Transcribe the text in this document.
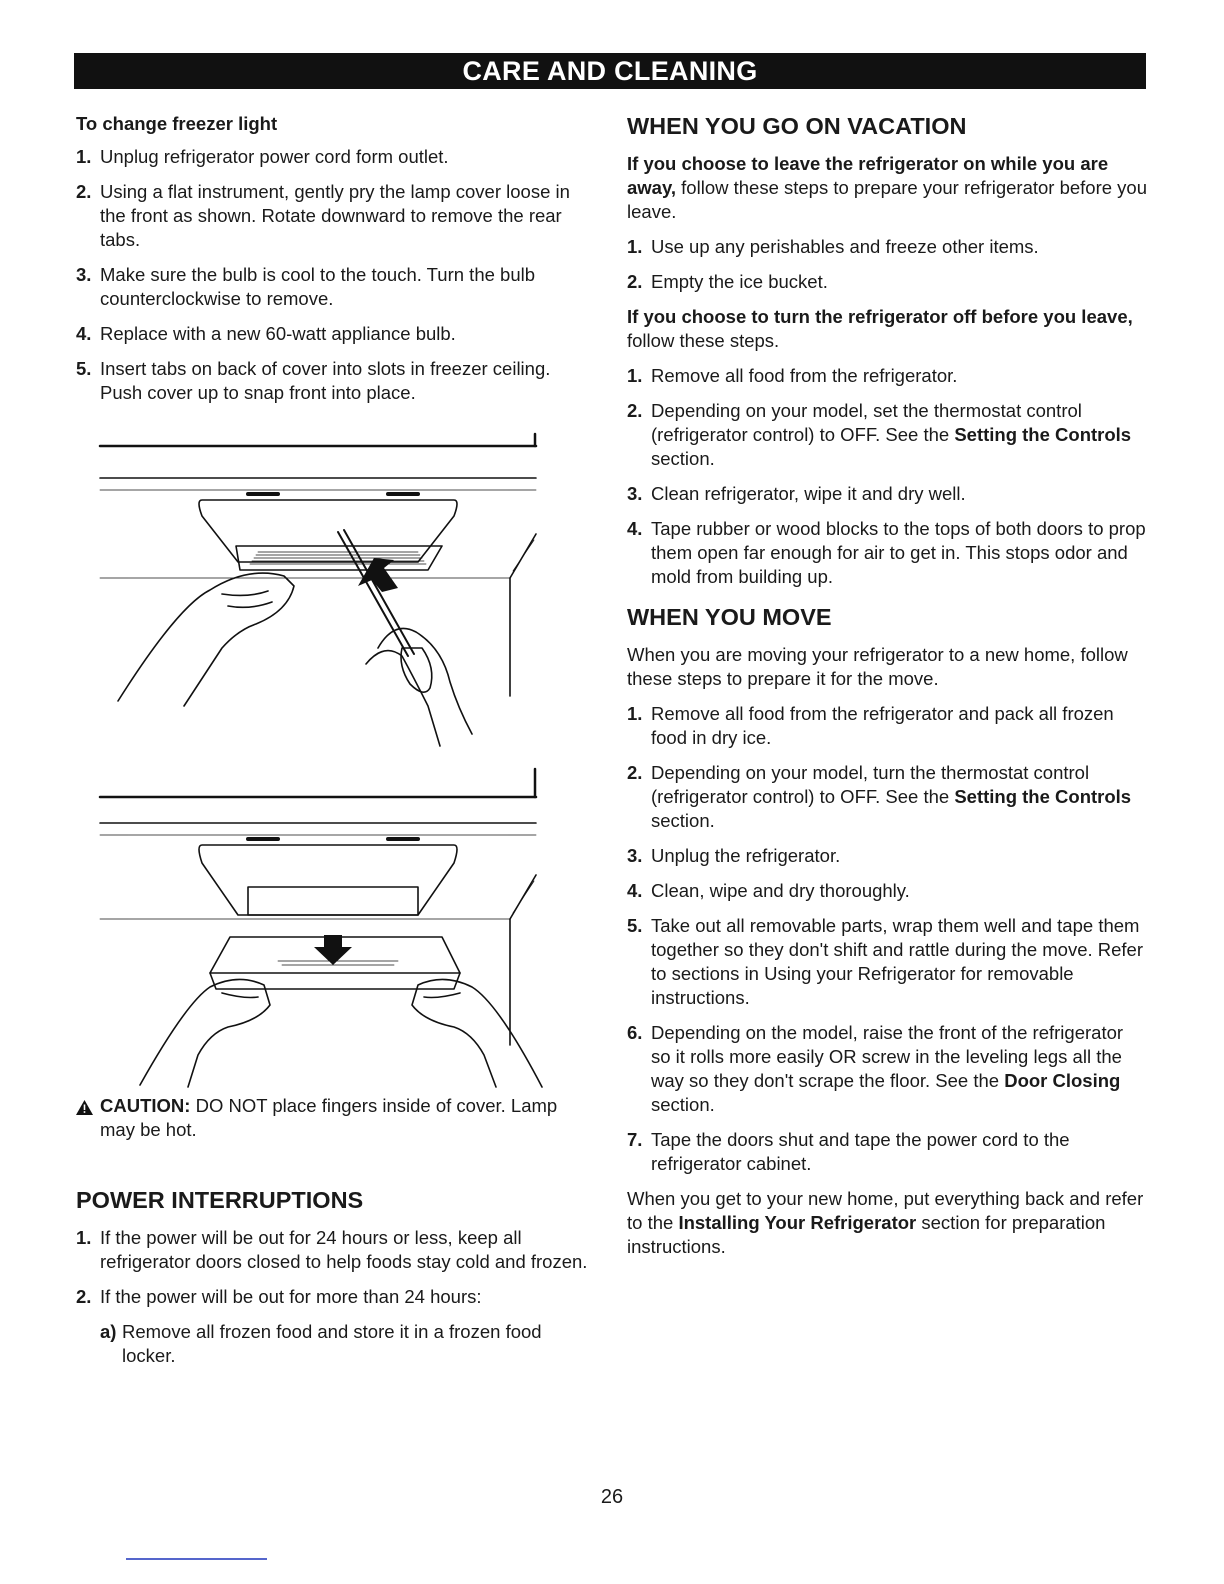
CARE AND CLEANING
To change freezer light
1. Unplug refrigerator power cord form outlet.
2. Using a flat instrument, gently pry the lamp cover loose in the front as shown. Rotate downward to remove the rear tabs.
3. Make sure the bulb is cool to the touch. Turn the bulb counterclockwise to remove.
4. Replace with a new 60-watt appliance bulb.
5. Insert tabs on back of cover into slots in freezer ceiling. Push cover up to snap front into place.
CAUTION: DO NOT place fingers inside of cover. Lamp may be hot.
POWER INTERRUPTIONS
1. If the power will be out for 24 hours or less, keep all refrigerator doors closed to help foods stay cold and frozen.
2. If the power will be out for more than 24 hours:
a) Remove all frozen food and store it in a frozen food locker.
WHEN YOU GO ON VACATION
If you choose to leave the refrigerator on while you are away, follow these steps to prepare your refrigerator before you leave.
1. Use up any perishables and freeze other items.
2. Empty the ice bucket.
If you choose to turn the refrigerator off before you leave, follow these steps.
1. Remove all food from the refrigerator.
2. Depending on your model, set the thermostat control (refrigerator control) to OFF. See the Setting the Controls section.
3. Clean refrigerator, wipe it and dry well.
4. Tape rubber or wood blocks to the tops of both doors to prop them open far enough for air to get in. This stops odor and mold from building up.
WHEN YOU MOVE
When you are moving your refrigerator to a new home, follow these steps to prepare it for the move.
1. Remove all food from the refrigerator and pack all frozen food in dry ice.
2. Depending on your model, turn the thermostat control (refrigerator control) to OFF. See the Setting the Controls section.
3. Unplug the refrigerator.
4. Clean, wipe and dry thoroughly.
5. Take out all removable parts, wrap them well and tape them together so they don't shift and rattle during the move. Refer to sections in Using your Refrigerator for removable instructions.
6. Depending on the model, raise the front of the refrigerator so it rolls more easily OR screw in the leveling legs all the way so they don't scrape the floor. See the Door Closing section.
7. Tape the doors shut and tape the power cord to the refrigerator cabinet.
When you get to your new home, put everything back and refer to the Installing Your Refrigerator section for preparation instructions.
26
